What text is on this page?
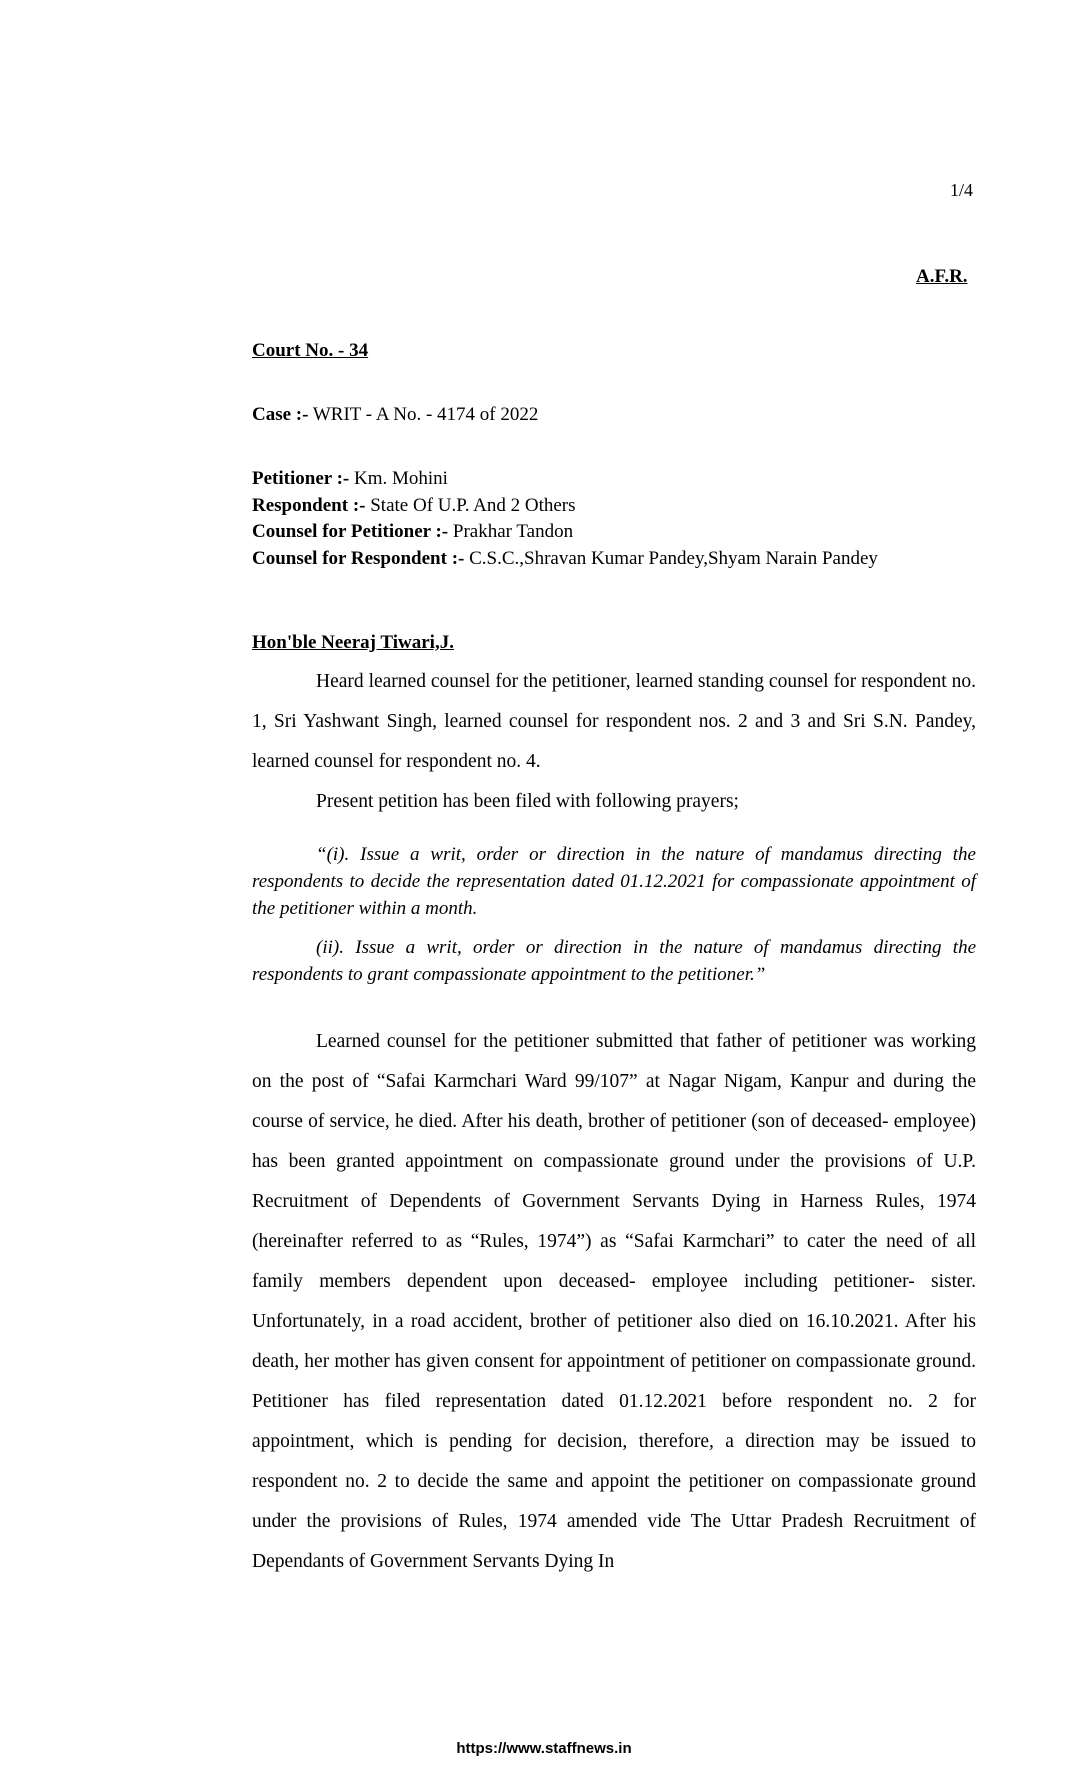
1/4
A.F.R.
Court No. - 34
Case :- WRIT - A No. - 4174 of 2022
Petitioner :- Km. Mohini
Respondent :- State Of U.P. And 2 Others
Counsel for Petitioner :- Prakhar Tandon
Counsel for Respondent :- C.S.C.,Shravan Kumar Pandey,Shyam Narain Pandey
Hon'ble Neeraj Tiwari,J.

Heard learned counsel for the petitioner, learned standing counsel for respondent no. 1, Sri Yashwant Singh, learned counsel for respondent nos. 2 and 3 and Sri S.N. Pandey, learned counsel for respondent no. 4.

Present petition has been filed with following prayers;

“(i). Issue a writ, order or direction in the nature of mandamus directing the respondents to decide the representation dated 01.12.2021 for compassionate appointment of the petitioner within a month.

(ii). Issue a writ, order or direction in the nature of mandamus directing the respondents to grant compassionate appointment to the petitioner.”

Learned counsel for the petitioner submitted that father of petitioner was working on the post of “Safai Karmchari Ward 99/107” at Nagar Nigam, Kanpur and during the course of service, he died. After his death, brother of petitioner (son of deceased- employee) has been granted appointment on compassionate ground under the provisions of U.P. Recruitment of Dependents of Government Servants Dying in Harness Rules, 1974 (hereinafter referred to as “Rules, 1974”) as “Safai Karmchari” to cater the need of all family members dependent upon deceased- employee including petitioner- sister. Unfortunately, in a road accident, brother of petitioner also died on 16.10.2021. After his death, her mother has given consent for appointment of petitioner on compassionate ground. Petitioner has filed representation dated 01.12.2021 before respondent no. 2 for appointment, which is pending for decision, therefore, a direction may be issued to respondent no. 2 to decide the same and appoint the petitioner on compassionate ground under the provisions of Rules, 1974 amended vide The Uttar Pradesh Recruitment of Dependants of Government Servants Dying In

https://www.staffnews.in
